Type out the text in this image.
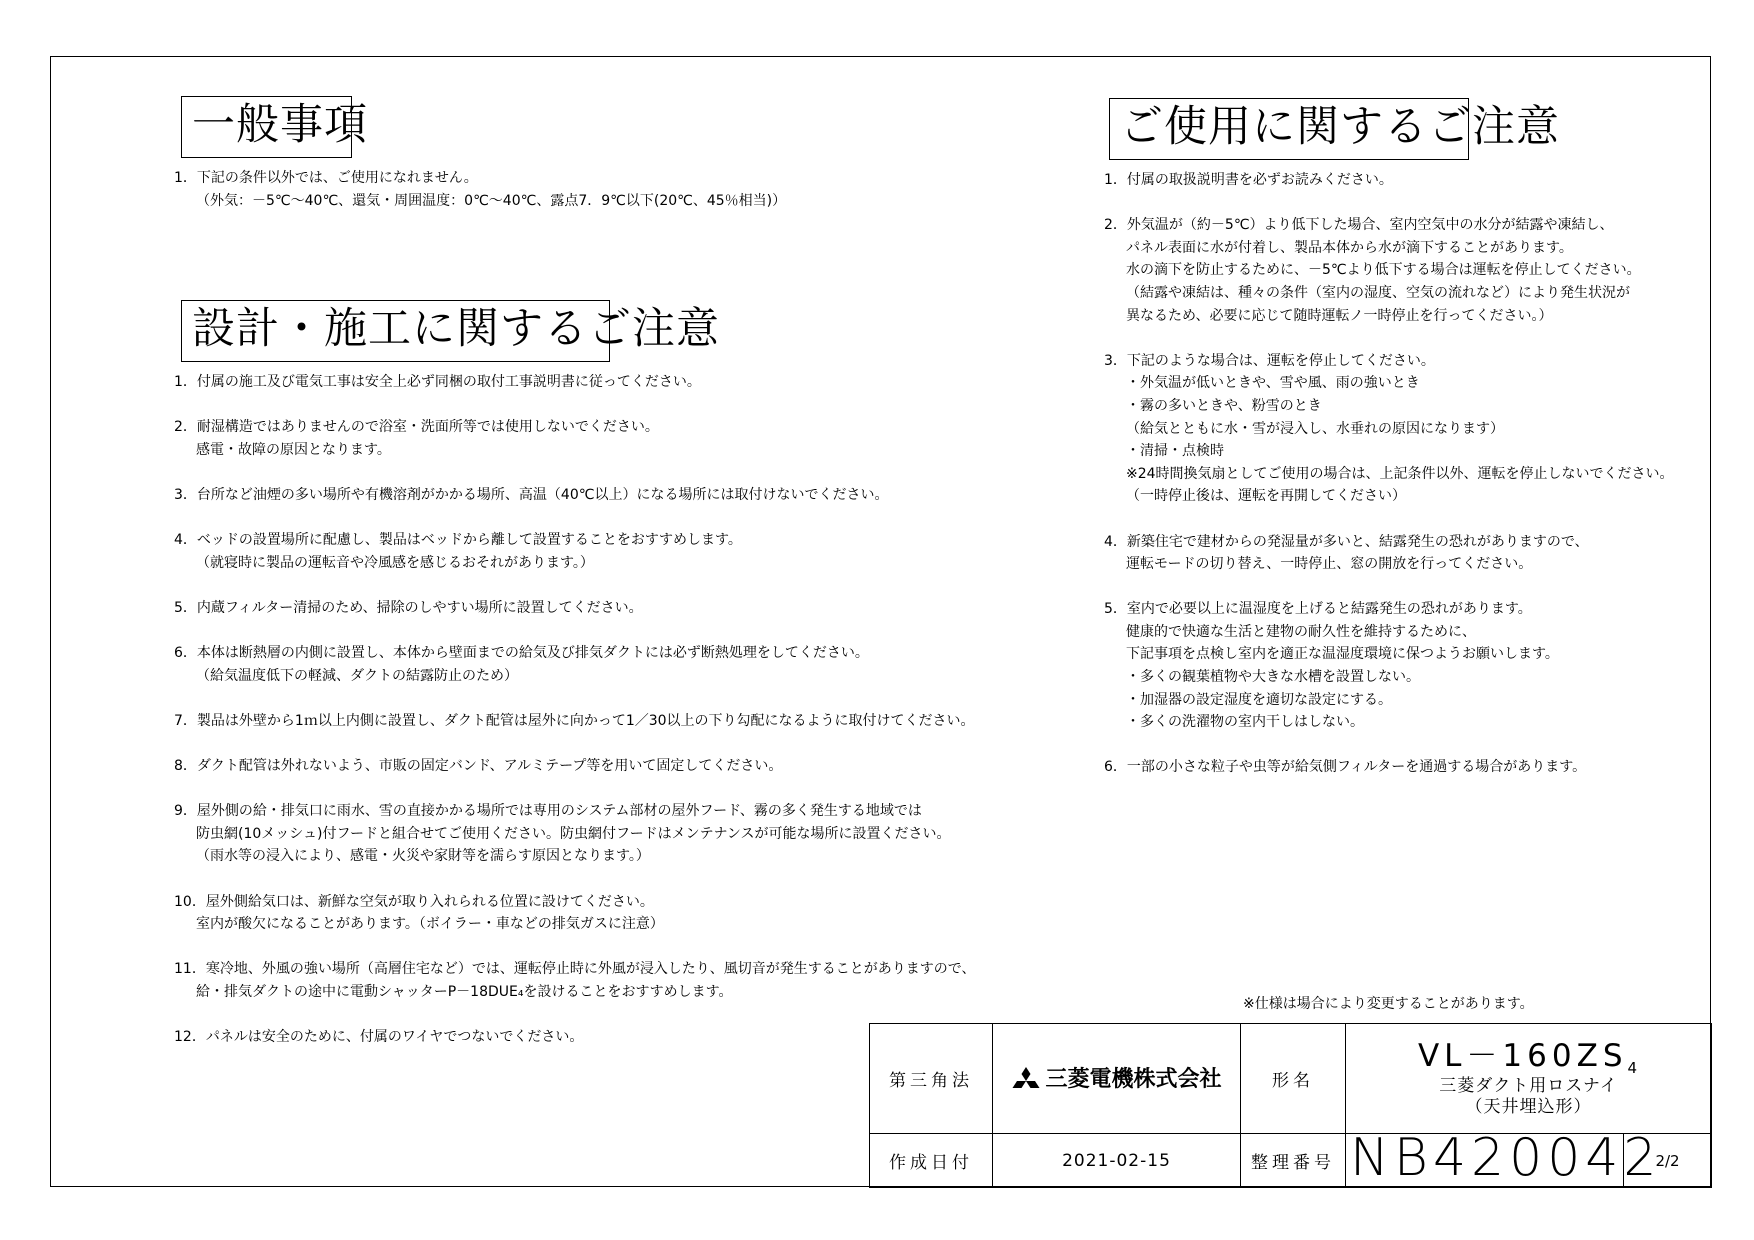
一般事項
1．下記の条件以外では、ご使用になれません。
（外気：－5℃～40℃、還気・周囲温度：0℃～40℃、露点7．9℃以下(20℃、45％相当)）
設計・施工に関するご注意
1．付属の施工及び電気工事は安全上必ず同梱の取付工事説明書に従ってください。
2．耐湿構造ではありませんので浴室・洗面所等では使用しないでください。
感電・故障の原因となります。
3．台所など油煙の多い場所や有機溶剤がかかる場所、高温（40℃以上）になる場所には取付けないでください。
4．ベッドの設置場所に配慮し、製品はベッドから離して設置することをおすすめします。
（就寝時に製品の運転音や冷風感を感じるおそれがあります。）
5．内蔵フィルター清掃のため、掃除のしやすい場所に設置してください。
6．本体は断熱層の内側に設置し、本体から壁面までの給気及び排気ダクトには必ず断熱処理をしてください。
（給気温度低下の軽減、ダクトの結露防止のため）
7．製品は外壁から1ｍ以上内側に設置し、ダクト配管は屋外に向かって1／30以上の下り勾配になるように取付けてください。
8．ダクト配管は外れないよう、市販の固定バンド、アルミテープ等を用いて固定してください。
9．屋外側の給・排気口に雨水、雪の直接かかる場所では専用のシステム部材の屋外フード、霧の多く発生する地域では
防虫網(10メッシュ)付フードと組合せてご使用ください。防虫網付フードはメンテナンスが可能な場所に設置ください。
（雨水等の浸入により、感電・火災や家財等を濡らす原因となります。）
10．屋外側給気口は、新鮮な空気が取り入れられる位置に設けてください。
室内が酸欠になることがあります。（ボイラー・車などの排気ガスに注意）
11．寒冷地、外風の強い場所（高層住宅など）では、運転停止時に外風が浸入したり、風切音が発生することがありますので、
給・排気ダクトの途中に電動シャッターP－18DUE₄を設けることをおすすめします。
12．パネルは安全のために、付属のワイヤでつないでください。
ご使用に関するご注意
1．付属の取扱説明書を必ずお読みください。
2．外気温が（約－5℃）より低下した場合、室内空気中の水分が結露や凍結し、
パネル表面に水が付着し、製品本体から水が滴下することがあります。
水の滴下を防止するために、－5℃より低下する場合は運転を停止してください。
（結露や凍結は、種々の条件（室内の湿度、空気の流れなど）により発生状況が
異なるため、必要に応じて随時運転ノ一時停止を行ってください。）
3．下記のような場合は、運転を停止してください。
・外気温が低いときや、雪や風、雨の強いとき
・霧の多いときや、粉雪のとき
（給気とともに水・雪が浸入し、水垂れの原因になります）
・清掃・点検時
※24時間換気扇としてご使用の場合は、上記条件以外、運転を停止しないでください。
（一時停止後は、運転を再開してください）
4．新築住宅で建材からの発湿量が多いと、結露発生の恐れがありますので、
運転モードの切り替え、一時停止、窓の開放を行ってください。
5．室内で必要以上に温湿度を上げると結露発生の恐れがあります。
健康的で快適な生活と建物の耐久性を維持するために、
下記事項を点検し室内を適正な温湿度環境に保つようお願いします。
・多くの観葉植物や大きな水槽を設置しない。
・加湿器の設定湿度を適切な設定にする。
・多くの洗濯物の室内干しはしない。
6．一部の小さな粒子や虫等が給気側フィルターを通過する場合があります。
※仕様は場合により変更することがあります。
第三角法	三菱電機株式会社	形名	$VL-160ZS_4$
三菱ダクト用ロスナイ
（天井埋込形）	

作成日付	2021-02-15	整理番号	NB420042	2/2
